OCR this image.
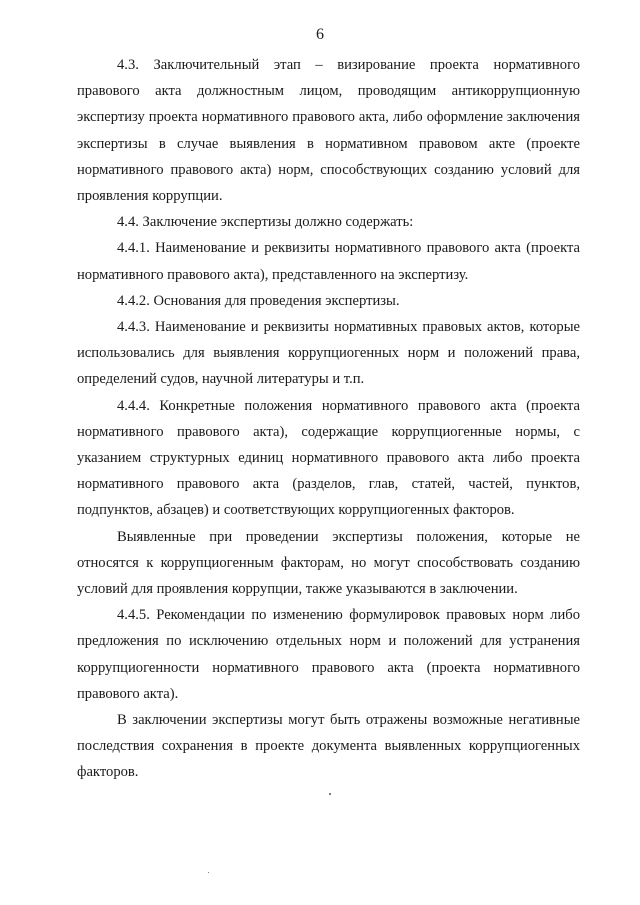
6

4.3. Заключительный этап – визирование проекта нормативного правового акта должностным лицом, проводящим антикоррупционную экспертизу проекта нормативного правового акта, либо оформление заключения экспертизы в случае выявления в нормативном правовом акте (проекте нормативного правового акта) норм, способствующих созданию условий для проявления коррупции.

4.4. Заключение экспертизы должно содержать:

4.4.1. Наименование и реквизиты нормативного правового акта (проекта нормативного правового акта), представленного на экспертизу.

4.4.2. Основания для проведения экспертизы.

4.4.3. Наименование и реквизиты нормативных правовых актов, которые использовались для выявления коррупциогенных норм и положений права, определений судов, научной литературы и т.п.

4.4.4. Конкретные положения нормативного правового акта (проекта нормативного правового акта), содержащие коррупциогенные нормы, с указанием структурных единиц нормативного правового акта либо проекта нормативного правового акта (разделов, глав, статей, частей, пунктов, подпунктов, абзацев) и соответствующих коррупциогенных факторов.

Выявленные при проведении экспертизы положения, которые не относятся к коррупциогенным факторам, но могут способствовать созданию условий для проявления коррупции, также указываются в заключении.

4.4.5. Рекомендации по изменению формулировок правовых норм либо предложения по исключению отдельных норм и положений для устранения коррупциогенности нормативного правового акта (проекта нормативного правового акта).

В заключении экспертизы могут быть отражены возможные негативные последствия сохранения в проекте документа выявленных коррупциогенных факторов.
